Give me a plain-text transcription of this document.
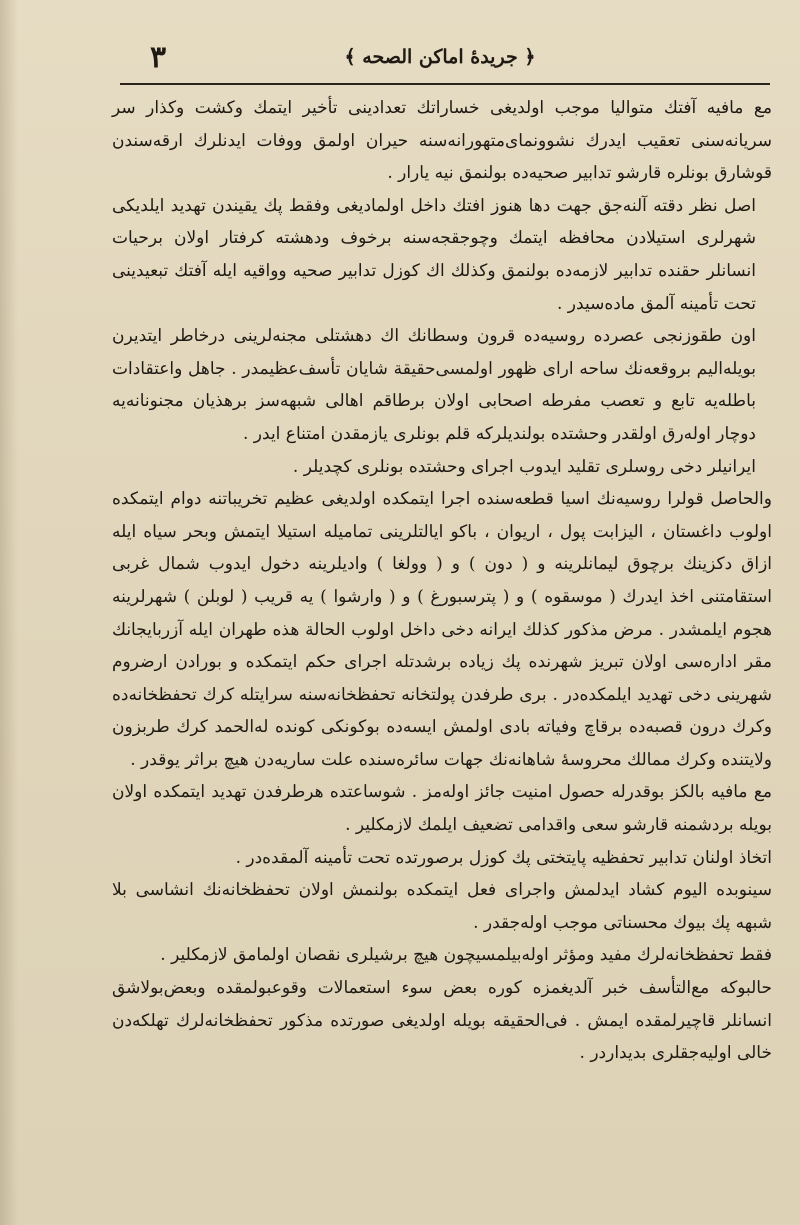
٣	﴿ جريدهٔ اماكن الصحه ﴾

مع مافيه آفتك متواليا موجب اولديغى خساراتك تعدادينى تأخير ايتمك وكشت وكذار سر سريانه‌سنى تعقيب ايدرك نشوونماى‌متهورانه‌سنه حيران اولمق ووفات ايدنلرك ارقه‌سندن قوشارق بونلره قارشو تدابير صحيه‌ده بولنمق نيه يارار .

اصل نظر دقته آلنه‌جق جهت دها هنوز افتك داخل اولماديغى وفقط پك يقيندن تهديد ايلديكى شهرلرى استيلادن محافظه ايتمك وچوجقجه‌سنه برخوف ودهشته كرفتار اولان برحيات انسانلر حقنده تدابير لازمه‌ده بولنمق وكذلك اك كوزل تدابير صحيه وواقيه ايله آفتك تبعيدينى تحت تأمينه آلمق ماده‌سيدر .

اون طقوزنجى عصرده روسيه‌ده قرون وسطانك اك دهشتلى مجنه‌لرينى درخاطر ايتديرن بويله‌اليم بروقعه‌نك ساحه اراى ظهور اولمسى‌حقيقة شايان تأسف‌عظيمدر . جاهل واعتقادات باطله‌يه تابع و تعصب مفرطه اصحابى اولان برطاقم اهالى شبهه‌سز برهذيان مجنونانه‌يه دوچار اوله‌رق اولقدر وحشتده بولنديلركه قلم بونلرى يازمقدن امتناع ايدر .

ايرانيلر دخى روسلرى تقليد ايدوب اجراى وحشتده بونلرى كچديلر .

والحاصل قولرا روسيه‌نك اسيا قطعه‌سنده اجرا ايتمكده اولديغى عظيم تخريباتنه دوام ايتمكده اولوب داغستان ، اليزابت پول ، اريوان ، باكو ايالتلرينى تماميله استيلا ايتمش وبحر سياه ايله ازاق دكزينك برچوق ليمانلرينه و ( دون ) و ( وولغا ) واديلرينه دخول ايدوب شمال غربى استقامتنى اخذ ايدرك ( موسقوه ) و ( پترسبورغ ) و ( وارشوا ) يه قريب ( لوبلن ) شهرلرينه هجوم ايلمشدر . مرض مذكور كذلك ايرانه دخى داخل اولوب الحالة هذه طهران ايله آزربايجانك مقر اداره‌سى اولان تبريز شهرنده پك زياده برشدتله اجراى حكم ايتمكده و بورادن ارضروم شهرينى دخى تهديد ايلمكده‌در . برى طرفدن پولتخانه تحفظخانه‌سنه سرايتله كرك تحفظخانه‌ده وكرك درون قصبه‌ده برقاچ وفياته بادى اولمش ايسه‌ده بوكونكى كونده له‌الحمد كرك طربزون ولايتنده وكرك ممالك محروسهٔ شاهانه‌نك جهات سائره‌سنده علت ساريه‌دن هيچ براثر يوقدر .

مع مافيه بالكز بوقدرله حصول امنيت جائز اوله‌مز . شوساعتده هرطرفدن تهديد ايتمكده اولان بويله بردشمنه قارشو سعى واقدامى تضعيف ايلمك لازمكلير .

اتخاذ اولنان تدابير تحفظيه پايتختى پك كوزل برصورتده تحت تأمينه آلمقده‌در .

سينوبده اليوم كشاد ايدلمش واجراى فعل ايتمكده بولنمش اولان تحفظخانه‌نك انشاسى بلا شبهه پك بيوك محسناتى موجب اوله‌جقدر .

فقط تحفظخانه‌لرك مفيد ومؤثر اوله‌بيلمسيچون هيچ برشيلرى نقصان اولمامق لازمكلير .

حالبوكه مع‌التأسف خبر آلديغمزه كوره بعض سوء استعمالات وقوعبولمقده وبعض‌بولاشق انسانلر قاچيرلمقده ايمش . فى‌الحقيقه بويله اولديغى صورتده مذكور تحفظخانه‌لرك تهلكه‌دن خالى اوليه‌جقلرى بديداردر .
